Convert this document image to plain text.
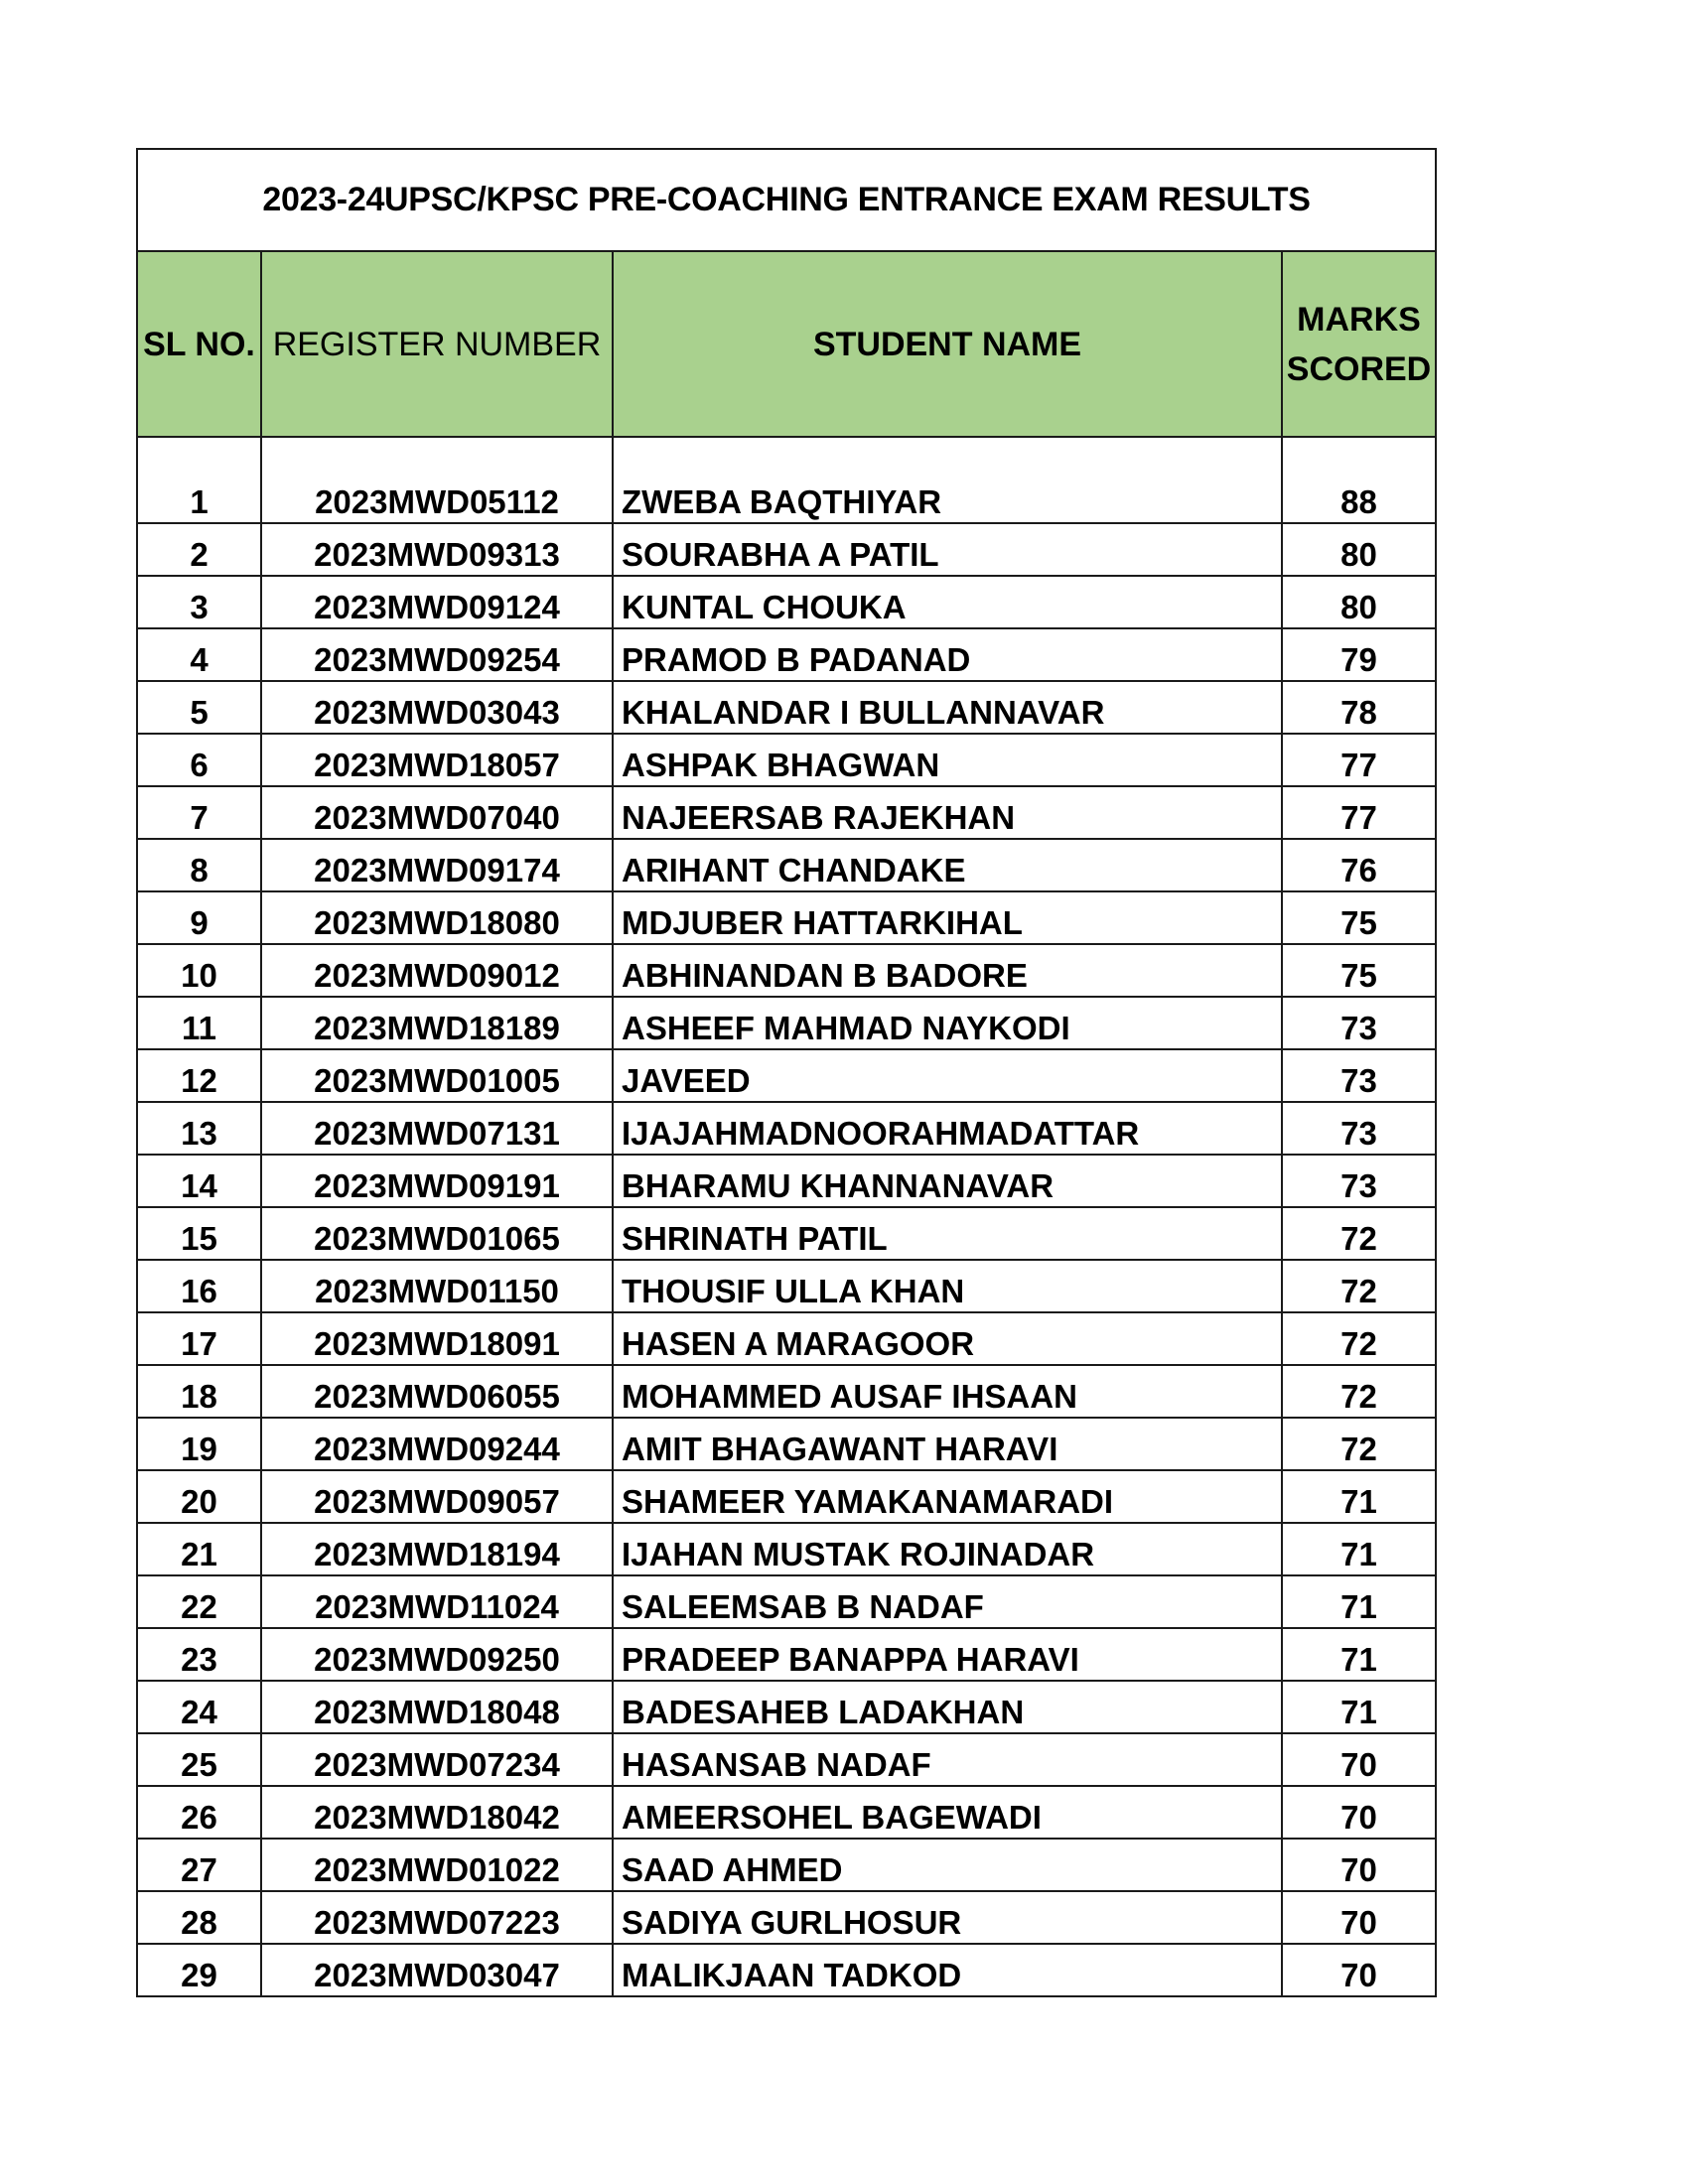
2023-24UPSC/KPSC PRE-COACHING ENTRANCE EXAM RESULTS			
SL NO.	REGISTER NUMBER	STUDENT NAME	MARKS
SCORED
1	2023MWD05112	ZWEBA BAQTHIYAR	88
2	2023MWD09313	SOURABHA A PATIL	80
3	2023MWD09124	KUNTAL CHOUKA	80
4	2023MWD09254	PRAMOD B PADANAD	79
5	2023MWD03043	KHALANDAR I BULLANNAVAR	78
6	2023MWD18057	ASHPAK BHAGWAN	77
7	2023MWD07040	NAJEERSAB RAJEKHAN	77
8	2023MWD09174	ARIHANT CHANDAKE	76
9	2023MWD18080	MDJUBER HATTARKIHAL	75
10	2023MWD09012	ABHINANDAN B BADORE	75
11	2023MWD18189	ASHEEF MAHMAD NAYKODI	73
12	2023MWD01005	JAVEED	73
13	2023MWD07131	IJAJAHMADNOORAHMADATTAR	73
14	2023MWD09191	BHARAMU KHANNANAVAR	73
15	2023MWD01065	SHRINATH PATIL	72
16	2023MWD01150	THOUSIF ULLA KHAN	72
17	2023MWD18091	HASEN A MARAGOOR	72
18	2023MWD06055	MOHAMMED AUSAF IHSAAN	72
19	2023MWD09244	AMIT BHAGAWANT HARAVI	72
20	2023MWD09057	SHAMEER YAMAKANAMARADI	71
21	2023MWD18194	IJAHAN MUSTAK ROJINADAR	71
22	2023MWD11024	SALEEMSAB B NADAF	71
23	2023MWD09250	PRADEEP BANAPPA HARAVI	71
24	2023MWD18048	BADESAHEB LADAKHAN	71
25	2023MWD07234	HASANSAB NADAF	70
26	2023MWD18042	AMEERSOHEL BAGEWADI	70
27	2023MWD01022	SAAD AHMED	70
28	2023MWD07223	SADIYA GURLHOSUR	70
29	2023MWD03047	MALIKJAAN TADKOD	70
